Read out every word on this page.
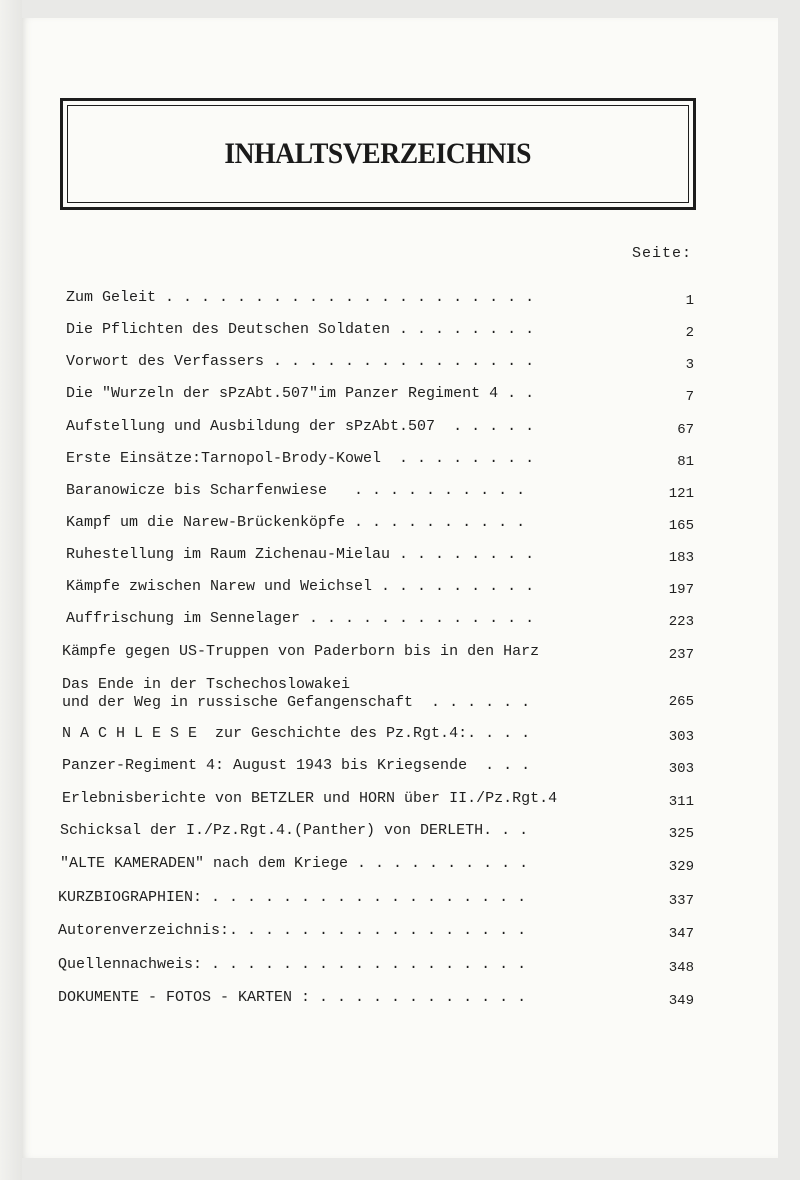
INHALTSVERZEICHNIS
Seite:
Zum Geleit . . . . . . . . . . . . . . . . . . . . .	1
Die Pflichten des Deutschen Soldaten . . . . . . . .	2
Vorwort des Verfassers . . . . . . . . . . . . . . .	3
Die "Wurzeln der sPzAbt.507"im Panzer Regiment 4 . .	7
Aufstellung und Ausbildung der sPzAbt.507  . . . . .	67
Erste Einsätze:Tarnopol-Brody-Kowel  . . . . . . . .	81
Baranowicze bis Scharfenwiese   . . . . . . . . . .	121
Kampf um die Narew-Brückenköpfe . . . . . . . . . .	165
Ruhestellung im Raum Zichenau-Mielau . . . . . . . .	183
Kämpfe zwischen Narew und Weichsel . . . . . . . . .	197
Auffrischung im Sennelager . . . . . . . . . . . . .	223
Kämpfe gegen US-Truppen von Paderborn bis in den Harz	237
Das Ende in der Tschechoslowakei
und der Weg in russische Gefangenschaft  . . . . . .	265
N A C H L E S E  zur Geschichte des Pz.Rgt.4:. . . .	303
Panzer-Regiment 4: August 1943 bis Kriegsende  . . .	303
Erlebnisberichte von BETZLER und HORN über II./Pz.Rgt.4	311
Schicksal der I./Pz.Rgt.4.(Panther) von DERLETH. . .	325
"ALTE KAMERADEN" nach dem Kriege . . . . . . . . . .	329
KURZBIOGRAPHIEN: . . . . . . . . . . . . . . . . . .	337
Autorenverzeichnis:. . . . . . . . . . . . . . . . .	347
Quellennachweis: . . . . . . . . . . . . . . . . . .	348
DOKUMENTE - FOTOS - KARTEN : . . . . . . . . . . . .	349
